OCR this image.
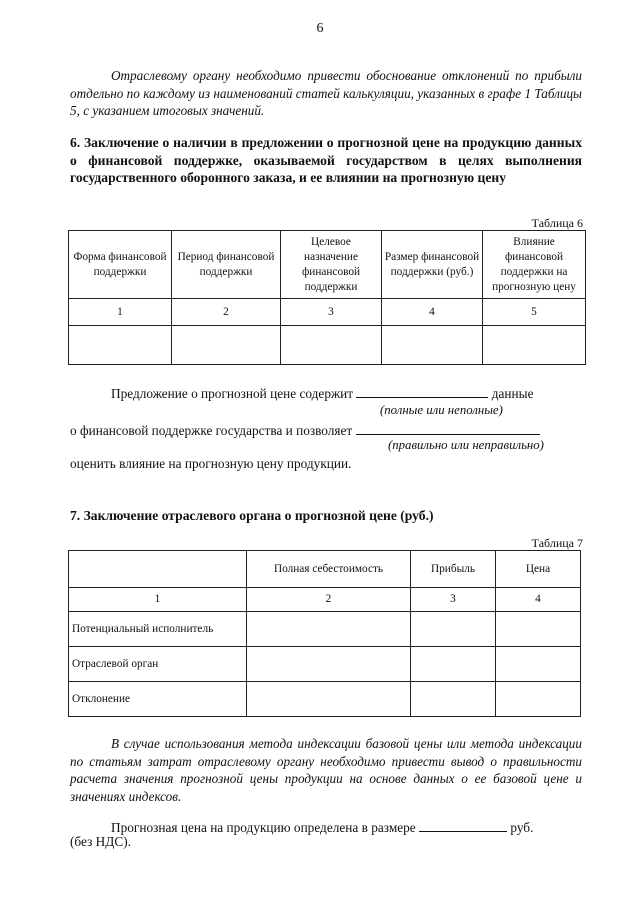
6
Отраслевому органу необходимо привести обоснование отклонений по прибыли отдельно по каждому из наименований статей калькуляции, указанных в графе 1 Таблицы 5, с указанием итоговых значений.
6. Заключение о наличии в предложении о прогнозной цене на продукцию данных о финансовой поддержке, оказываемой государством в целях выполнения государственного оборонного заказа, и ее влиянии на прогнозную цену
Таблица 6
Форма финансовой поддержки	Период финансовой поддержки	Целевое назначение финансовой поддержки	Размер финансовой поддержки (руб.)	Влияние финансовой поддержки на прогнозную цену
1	2	3	4	5

Предложение о прогнозной цене содержит	данные
(полные или неполные)
о финансовой поддержке государства и позволяет
(правильно или неправильно)
оценить влияние на прогнозную цену продукции.
7. Заключение отраслевого органа о прогнозной цене (руб.)
Таблица 7
	Полная себестоимость	Прибыль	Цена
1	2	3	4
Потенциальный исполнитель			
Отраслевой орган			
Отклонение			
В случае использования метода индексации базовой цены или метода индексации по статьям затрат отраслевому органу необходимо привести вывод о правильности расчета значения прогнозной цены продукции на основе данных о ее базовой цене и значениях индексов.
Прогнозная цена на продукцию определена в размере	руб.
(без НДС).
